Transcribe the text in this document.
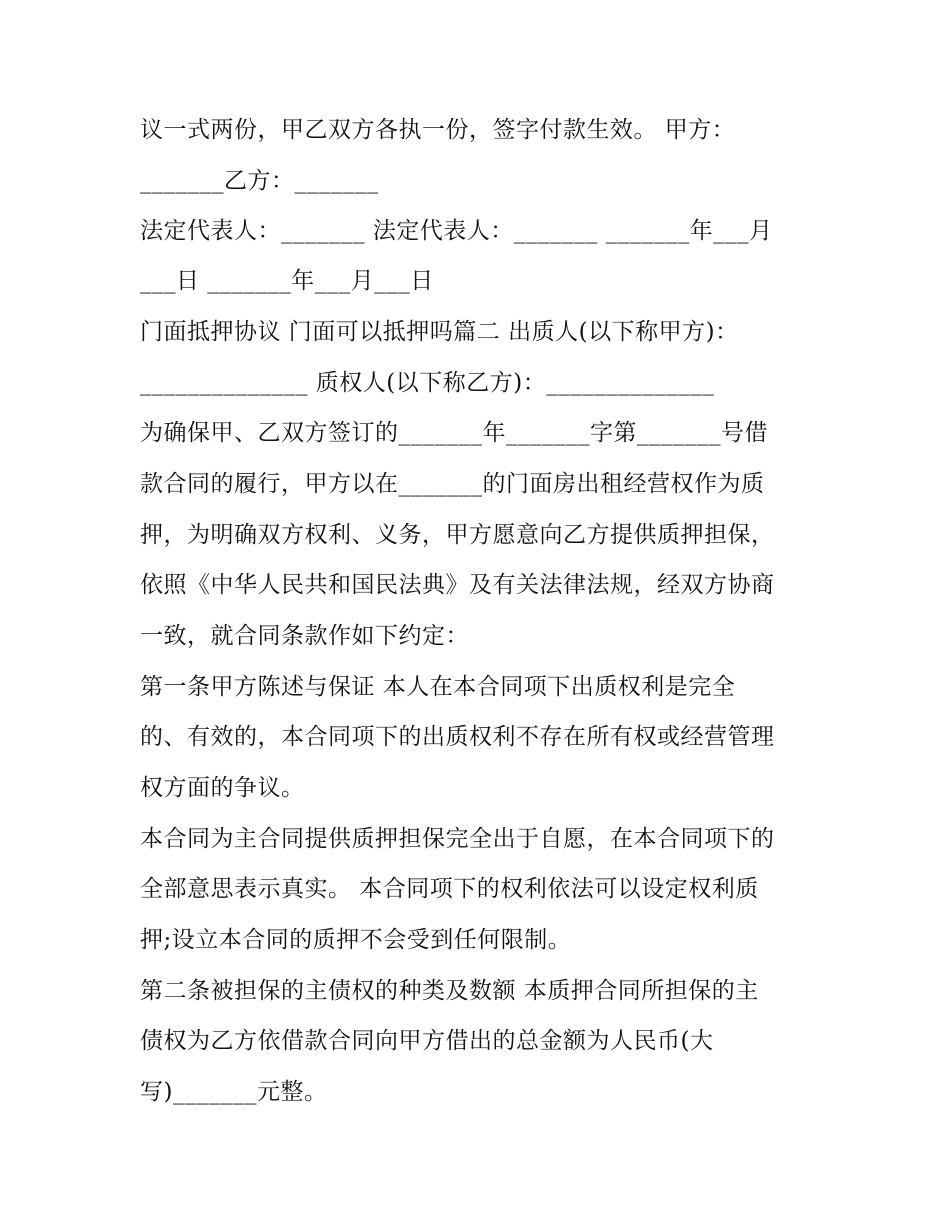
议一式两份，甲乙双方各执一份，签字付款生效。 甲方：
_______乙方：_______
法定代表人：_______ 法定代表人：_______ _______年___月
___日 _______年___月___日
门面抵押协议 门面可以抵押吗篇二 出质人(以下称甲方)：
______________ 质权人(以下称乙方)：______________
为确保甲、乙双方签订的_______年_______字第_______号借
款合同的履行，甲方以在_______的门面房出租经营权作为质
押，为明确双方权利、义务，甲方愿意向乙方提供质押担保，
依照《中华人民共和国民法典》及有关法律法规，经双方协商
一致，就合同条款作如下约定：
第一条甲方陈述与保证 本人在本合同项下出质权利是完全
的、有效的，本合同项下的出质权利不存在所有权或经营管理
权方面的争议。
本合同为主合同提供质押担保完全出于自愿，在本合同项下的
全部意思表示真实。 本合同项下的权利依法可以设定权利质
押;设立本合同的质押不会受到任何限制。
第二条被担保的主债权的种类及数额 本质押合同所担保的主
债权为乙方依借款合同向甲方借出的总金额为人民币(大
写)_______元整。
